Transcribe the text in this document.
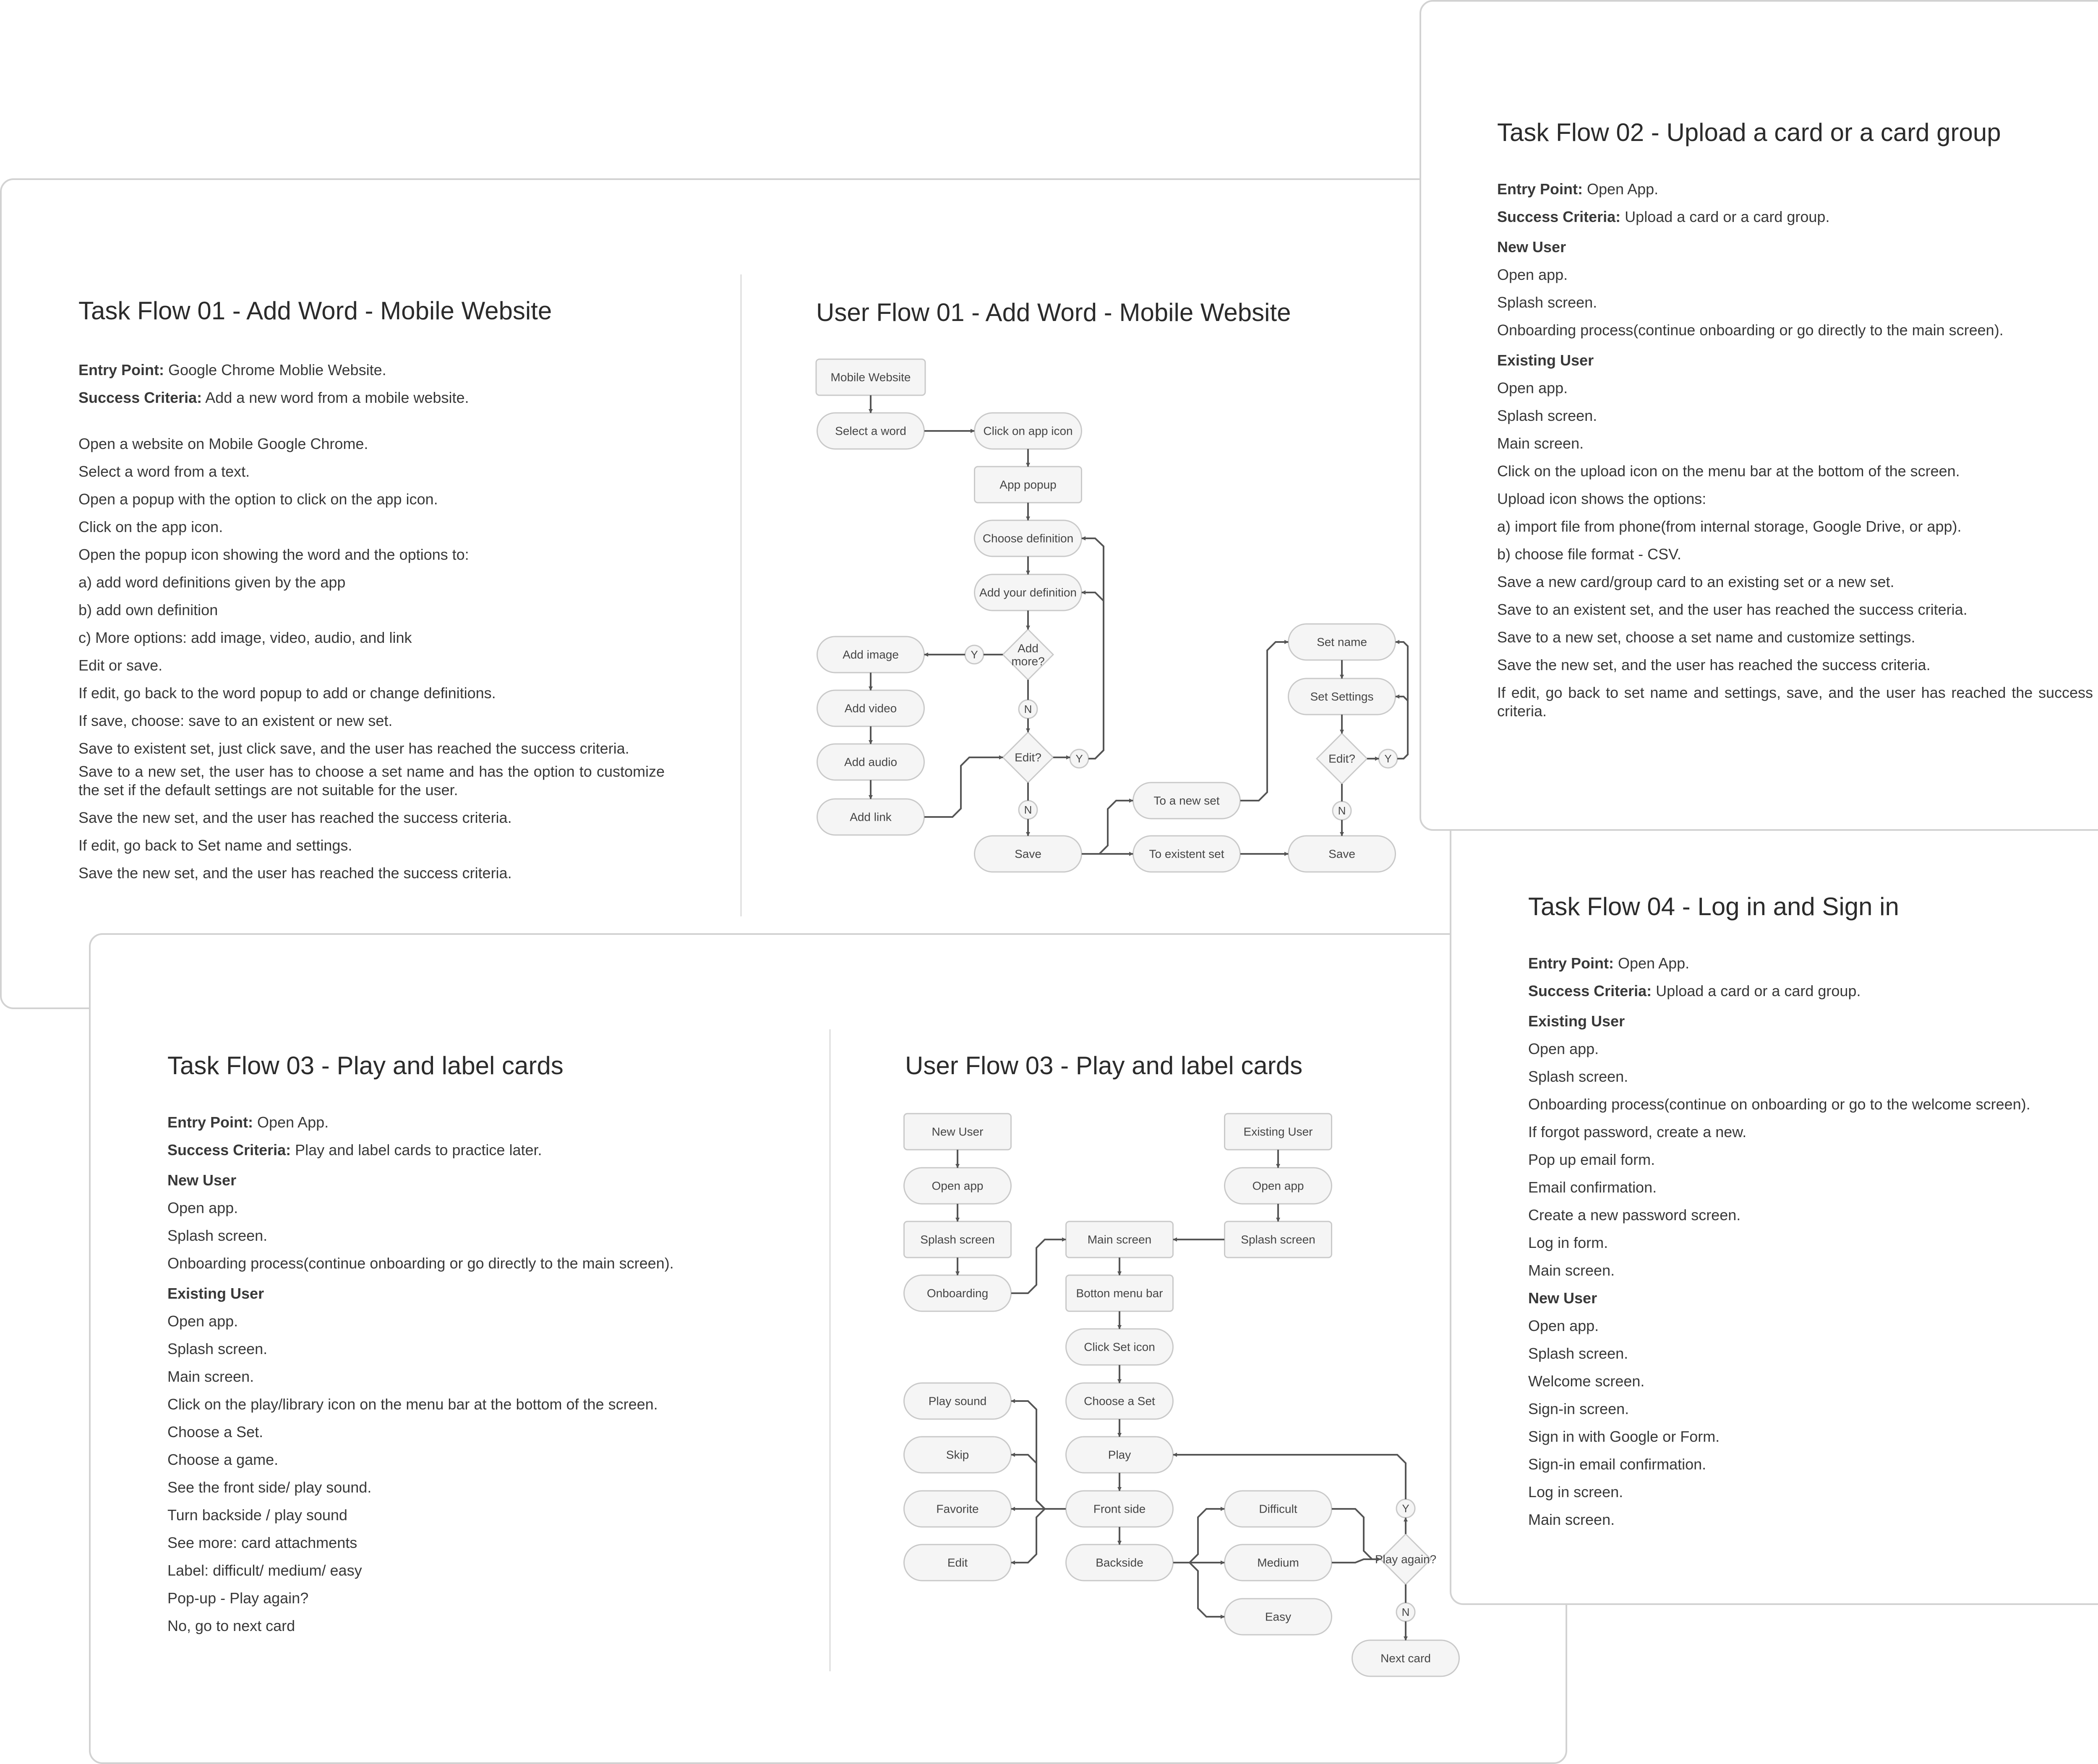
Task Flow 01 - Add Word - Mobile Website

Entry Point: Google Chrome Moblie Website.

Success Criteria: Add a new word from a mobile website.

Open a website on Mobile Google Chrome.

Select a word from a text.

Open a popup with the option to click on the app icon.

Click on the app icon.

Open the popup icon showing the word and the options to:

a) add word definitions given by the app

b) add own definition

c) More options: add image, video, audio, and link

Edit or save.

If edit, go back to the word popup to add or change definitions.

If save, choose: save to an existent or new set.

Save to existent set, just click save, and the user has reached the success criteria.

Save to a new set, the user has to choose a set name and has the option to customize the set if the default settings are not suitable for the user.

Save the new set, and the user has reached the success criteria.

If edit, go back to Set name and settings.

Save the new set, and the user has reached the success criteria.

Task Flow 03 - Play and label cards

Entry Point: Open App.

Success Criteria: Play and label cards to practice later.

New User

Open app.

Splash screen.

Onboarding process(continue onboarding or go directly to the main screen).

Existing User

Open app.

Splash screen.

Main screen.

Click on the play/library icon on the menu bar at the bottom of the screen.

Choose a Set.

Choose a game.

See the front side/ play sound.

Turn backside / play sound

See more: card attachments

Label: difficult/ medium/ easy

Pop-up - Play again?

No, go to next card

Task Flow 04 - Log in and Sign in

Entry Point: Open App.

Success Criteria: Upload a card or a card group.

Existing User

Open app.

Splash screen.

Onboarding process(continue on onboarding or go to the welcome screen).

If forgot password, create a new.

Pop up email form.

Email confirmation.

Create a new password screen.

Log in form.

Main screen.

New User

Open app.

Splash screen.

Welcome screen.

Sign-in screen.

Sign in with Google or Form.

Sign-in email confirmation.

Log in screen.

Main screen.

Task Flow 02 - Upload a card or a card group

Entry Point: Open App.

Success Criteria: Upload a card or a card group.

New User

Open app.

Splash screen.

Onboarding process(continue onboarding or go directly to the main screen).

Existing User

Open app.

Splash screen.

Main screen.

Click on the upload icon on the menu bar at the bottom of the screen.

Upload icon shows the options:

a) import file from phone(from internal storage, Google Drive, or app).

b) choose file format - CSV.

Save a new card/group card to an existing set or a new set.

Save to an existent set, and the user has reached the success criteria.

Save to a new set, choose a set name and customize settings.

Save the new set, and the user has reached the success criteria.

If edit, go back to set name and settings, save, and the user has reached the success criteria.

User Flow 01 - Add Word - Mobile Website
Mobile Website
Select a word	Click on app icon
App popup
Choose definition
Add your definition
Add more?
Add image
Add video
Add audio
Add link
Edit?
Save
To a new set
To existent set
Set name
Set Settings
Edit?
Save
Y
N
Y
N
Y
N
User Flow 03 - Play and label cards
New User
Open app
Splash screen
Onboarding
Existing User
Open app
Splash screen
Main screen
Botton menu bar
Click Set icon
Choose a Set
Play
Front side
Backside
Play sound
Skip
Favorite
Edit
Difficult
Medium
Easy
Play again?
Next card
Y
N
